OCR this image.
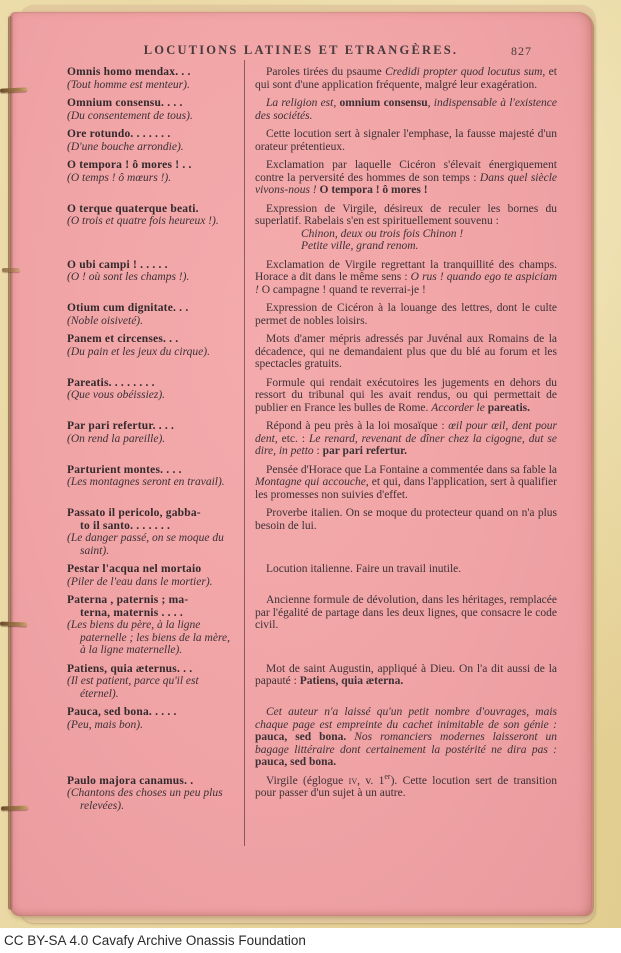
LOCUTIONS LATINES ET ETRANGÈRES.	827
Omnis homo mendax. . .
(Tout homme est menteur).

Paroles tirées du psaume Credidi propter quod locutus sum, et qui sont d'une application fréquente, malgré leur exagération.

Omnium consensu. . . .
(Du consentement de tous).

La religion est, omnium consensu, indispensable à l'existence des sociétés.

Ore rotundo. . . . . . .
(D'une bouche arrondie).

Cette locution sert à signaler l'emphase, la fausse majesté d'un orateur prétentieux.

O tempora ! ô mores ! . .
(O temps ! ô mœurs !).

Exclamation par laquelle Cicéron s'élevait énergiquement contre la perversité des hommes de son temps : Dans quel siècle vivons-nous ! O tempora ! ô mores !

O terque quaterque beati.
(O trois et quatre fois heureux !).

Expression de Virgile, désireux de reculer les bornes du superlatif. Rabelais s'en est spirituellement souvenu :

Chinon, deux ou trois fois Chinon !
Petite ville, grand renom.
O ubi campi ! . . . . .
(O ! où sont les champs !).

Exclamation de Virgile regrettant la tranquillité des champs. Horace a dit dans le même sens : O rus ! quando ego te aspiciam ! O campagne ! quand te reverrai-je !

Otium cum dignitate. . .
(Noble oisiveté).

Expression de Cicéron à la louange des lettres, dont le culte permet de nobles loisirs.

Panem et circenses. . .
(Du pain et les jeux du cirque).

Mots d'amer mépris adressés par Juvénal aux Romains de la décadence, qui ne demandaient plus que du blé au forum et les spectacles gratuits.

Pareatis. . . . . . . .
(Que vous obéissiez).

Formule qui rendait exécutoires les jugements en dehors du ressort du tribunal qui les avait rendus, ou qui permettait de publier en France les bulles de Rome. Accorder le pareatis.

Par pari refertur. . . .
(On rend la pareille).

Répond à peu près à la loi mosaïque : œil pour œil, dent pour dent, etc. : Le renard, revenant de dîner chez la cigogne, dut se dire, in petto : par pari refertur.

Parturient montes. . . .
(Les montagnes seront en travail).

Pensée d'Horace que La Fontaine a commentée dans sa fable la Montagne qui accouche, et qui, dans l'application, sert à qualifier les promesses non suivies d'effet.

Passato il pericolo, gabba-
to il santo. . . . . . .
(Le danger passé, on se moque du saint).

Proverbe italien. On se moque du protecteur quand on n'a plus besoin de lui.

Pestar l'acqua nel mortaio
(Piler de l'eau dans le mortier).

Locution italienne. Faire un travail inutile.

Paterna , paternis ; ma-
terna, maternis . . . .
(Les biens du père, à la ligne paternelle ; les biens de la mère, à la ligne maternelle).

Ancienne formule de dévolution, dans les héritages, remplacée par l'égalité de partage dans les deux lignes, que consacre le code civil.

Patiens, quia æternus. . .
(Il est patient, parce qu'il est éternel).

Mot de saint Augustin, appliqué à Dieu. On l'a dit aussi de la papauté : Patiens, quia æterna.

Pauca, sed bona. . . . .
(Peu, mais bon).

Cet auteur n'a laissé qu'un petit nombre d'ouvrages, mais chaque page est empreinte du cachet inimitable de son génie : pauca, sed bona. Nos romanciers modernes laisseront un bagage littéraire dont certainement la postérité ne dira pas : pauca, sed bona.

Paulo majora canamus. .
(Chantons des choses un peu plus relevées).

Virgile (églogue iv, v. 1er). Cette locution sert de transition pour passer d'un sujet à un autre.

CC BY-SA 4.0 Cavafy Archive Onassis Foundation
